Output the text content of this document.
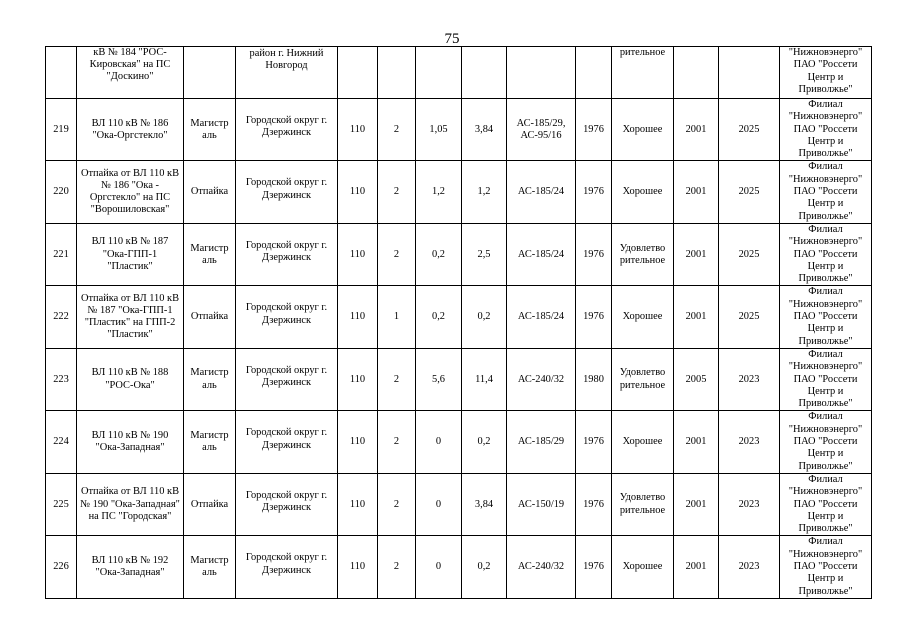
75
	кВ № 184 "РОС-Кировская" на ПС "Доскино"		район г. Нижний Новгород							рительное			"Нижновэнерго" ПАО "Россети Центр и Приволжье"
219	ВЛ 110 кВ № 186 "Ока-Оргстекло"	Магистр аль	Городской округ г. Дзержинск	110	2	1,05	3,84	АС-185/29, АС-95/16	1976	Хорошее	2001	2025	Филиал "Нижновэнерго" ПАО "Россети Центр и Приволжье"
220	Отпайка от ВЛ 110 кВ № 186 "Ока - Оргстекло" на ПС "Ворошиловская"	Отпайка	Городской округ г. Дзержинск	110	2	1,2	1,2	АС-185/24	1976	Хорошее	2001	2025	Филиал "Нижновэнерго" ПАО "Россети Центр и Приволжье"
221	ВЛ 110 кВ № 187 "Ока-ГПП-1 "Пластик"	Магистр аль	Городской округ г. Дзержинск	110	2	0,2	2,5	АС-185/24	1976	Удовлетво рительное	2001	2025	Филиал "Нижновэнерго" ПАО "Россети Центр и Приволжье"
222	Отпайка от ВЛ 110 кВ № 187 "Ока-ГПП-1 "Пластик" на ГПП-2 "Пластик"	Отпайка	Городской округ г. Дзержинск	110	1	0,2	0,2	АС-185/24	1976	Хорошее	2001	2025	Филиал "Нижновэнерго" ПАО "Россети Центр и Приволжье"
223	ВЛ 110 кВ № 188 "РОС-Ока"	Магистр аль	Городской округ г. Дзержинск	110	2	5,6	11,4	АС-240/32	1980	Удовлетво рительное	2005	2023	Филиал "Нижновэнерго" ПАО "Россети Центр и Приволжье"
224	ВЛ 110 кВ № 190 "Ока-Западная"	Магистр аль	Городской округ г. Дзержинск	110	2	0	0,2	АС-185/29	1976	Хорошее	2001	2023	Филиал "Нижновэнерго" ПАО "Россети Центр и Приволжье"
225	Отпайка от ВЛ 110 кВ № 190 "Ока-Западная" на ПС "Городская"	Отпайка	Городской округ г. Дзержинск	110	2	0	3,84	АС-150/19	1976	Удовлетво рительное	2001	2023	Филиал "Нижновэнерго" ПАО "Россети Центр и Приволжье"
226	ВЛ 110 кВ № 192 "Ока-Западная"	Магистр аль	Городской округ г. Дзержинск	110	2	0	0,2	АС-240/32	1976	Хорошее	2001	2023	Филиал "Нижновэнерго" ПАО "Россети Центр и Приволжье"
